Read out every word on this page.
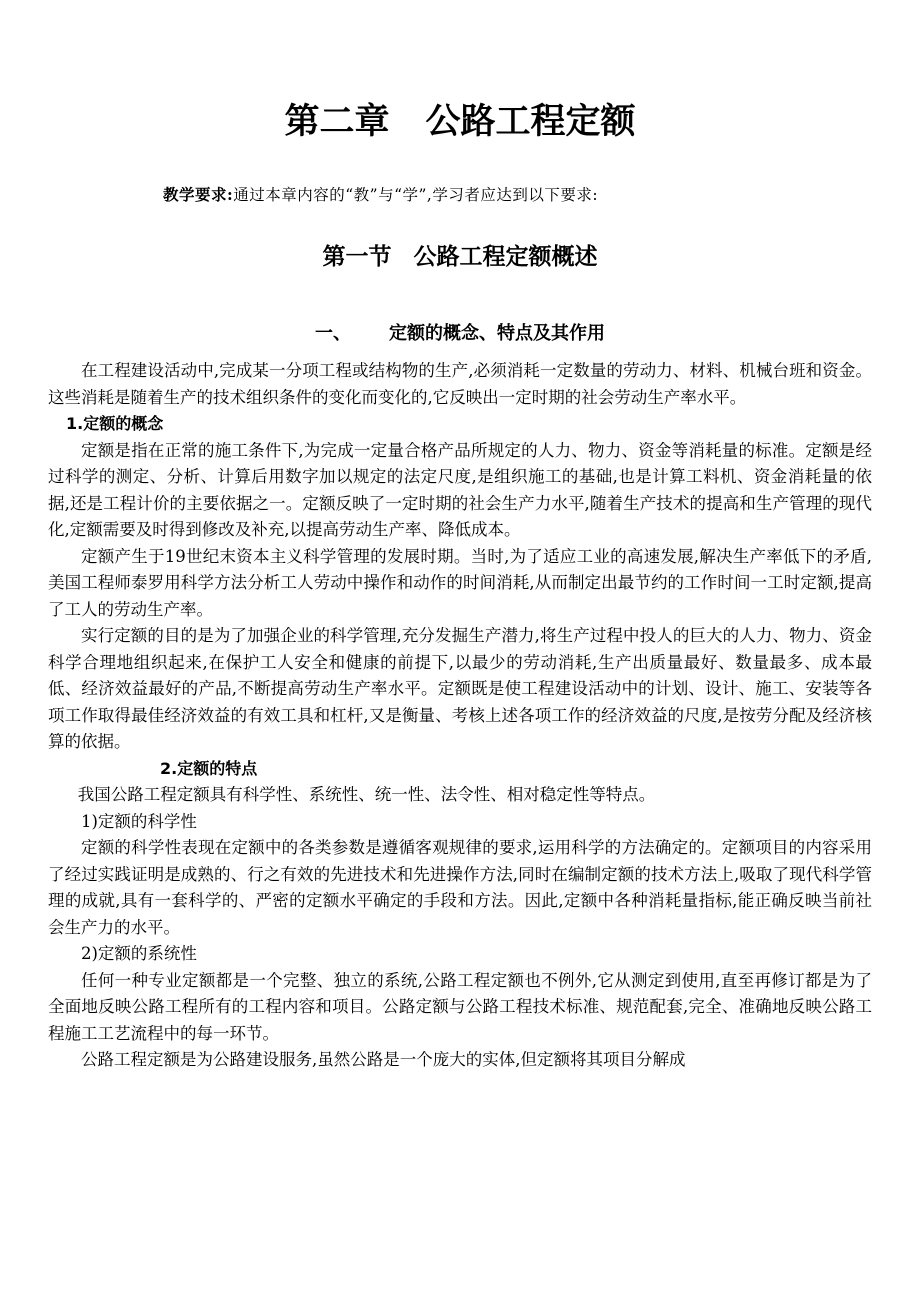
第二章 公路工程定额
教学要求:通过本章内容的“教”与“学”,学习者应达到以下要求:
第一节 公路工程定额概述
一、 定额的概念、特点及其作用

在工程建设活动中,完成某一分项工程或结构物的生产,必须消耗一定数量的劳动力、材料、机械台班和资金。这些消耗是随着生产的技术组织条件的变化而变化的,它反映出一定时期的社会劳动生产率水平。

1.定额的概念

定额是指在正常的施工条件下,为完成一定量合格产品所规定的人力、物力、资金等消耗量的标准。定额是经过科学的测定、分析、计算后用数字加以规定的法定尺度,是组织施工的基础,也是计算工料机、资金消耗量的依据,还是工程计价的主要依据之一。定额反映了一定时期的社会生产力水平,随着生产技术的提高和生产管理的现代化,定额需要及时得到修改及补充,以提高劳动生产率、降低成本。

定额产生于19世纪末资本主义科学管理的发展时期。当时,为了适应工业的高速发展,解决生产率低下的矛盾,美国工程师泰罗用科学方法分析工人劳动中操作和动作的时间消耗,从而制定出最节约的工作时间一工时定额,提高了工人的劳动生产率。

实行定额的目的是为了加强企业的科学管理,充分发掘生产潜力,将生产过程中投人的巨大的人力、物力、资金科学合理地组织起来,在保护工人安全和健康的前提下,以最少的劳动消耗,生产出质量最好、数量最多、成本最低、经济效益最好的产品,不断提高劳动生产率水平。定额既是使工程建设活动中的计划、设计、施工、安装等各项工作取得最佳经济效益的有效工具和杠杆,又是衡量、考核上述各项工作的经济效益的尺度,是按劳分配及经济核算的依据。

2.定额的特点

我国公路工程定额具有科学性、系统性、统一性、法令性、相对稳定性等特点。

1)定额的科学性

定额的科学性表现在定额中的各类参数是遵循客观规律的要求,运用科学的方法确定的。定额项目的内容采用了经过实践证明是成熟的、行之有效的先进技术和先进操作方法,同时在编制定额的技术方法上,吸取了现代科学管理的成就,具有一套科学的、严密的定额水平确定的手段和方法。因此,定额中各种消耗量指标,能正确反映当前社会生产力的水平。

2)定额的系统性

任何一种专业定额都是一个完整、独立的系统,公路工程定额也不例外,它从测定到使用,直至再修订都是为了全面地反映公路工程所有的工程内容和项目。公路定额与公路工程技术标准、规范配套,完全、准确地反映公路工程施工工艺流程中的每一环节。

公路工程定额是为公路建设服务,虽然公路是一个庞大的实体,但定额将其项目分解成
